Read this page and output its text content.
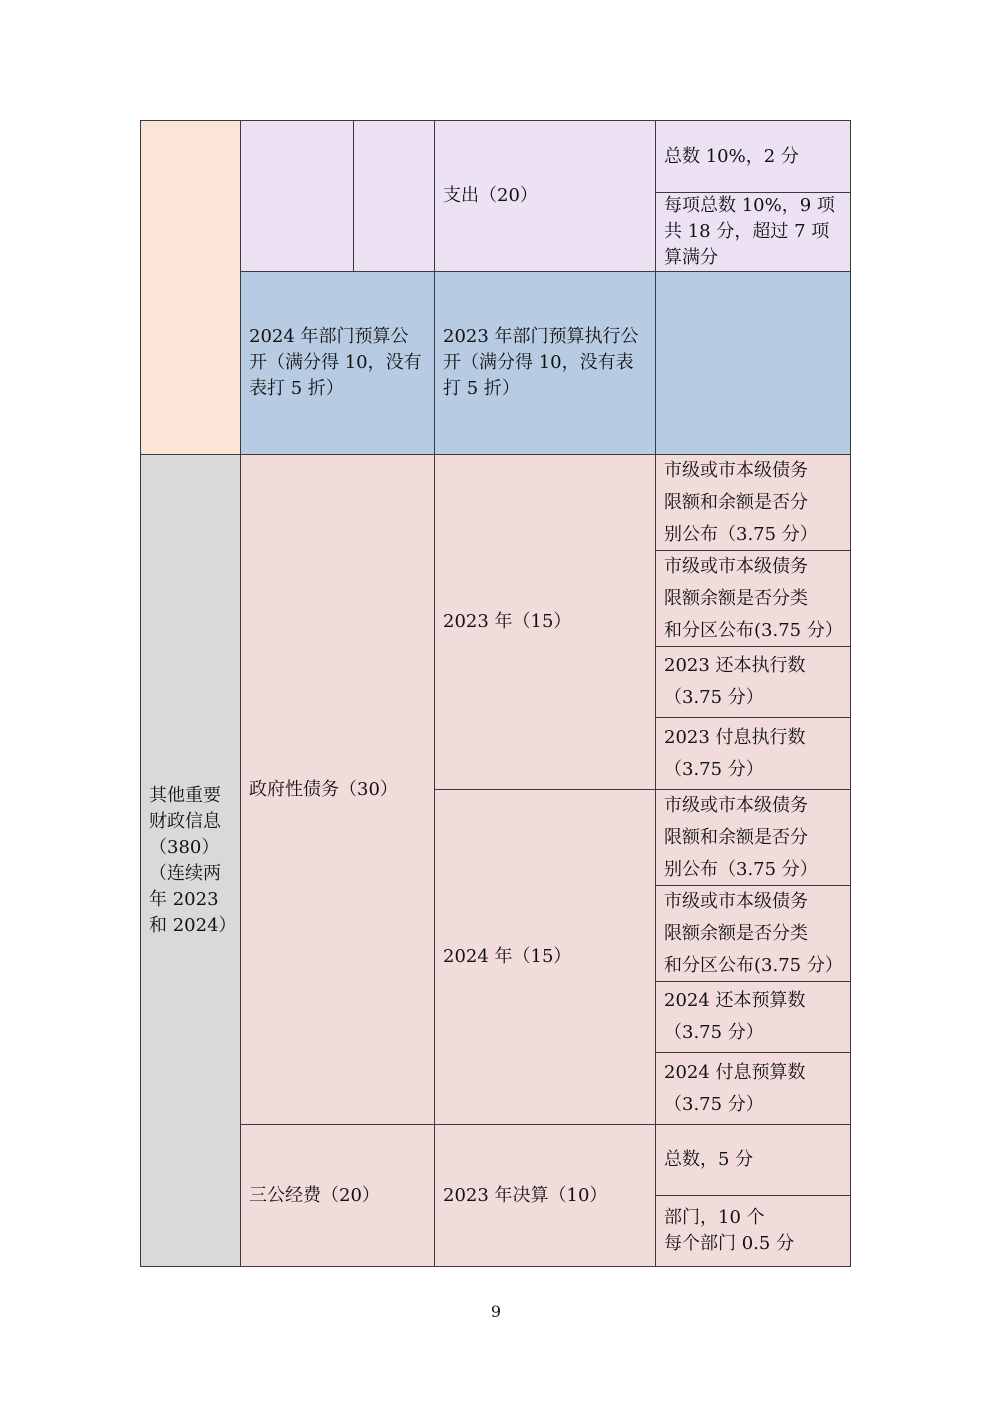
支出（20）
总数 10%，2 分
每项总数 10%，9 项
共 18 分，超过 7 项
算满分
2024 年部门预算公
开（满分得 10，没有
表打 5 折）
2023 年部门预算执行公
开（满分得 10，没有表
打 5 折）
其他重要
财政信息
（380）
（连续两
年 2023
和 2024）
政府性债务（30）
2023 年（15）
市级或市本级债务
限额和余额是否分
别公布（3.75 分）
市级或市本级债务
限额余额是否分类
和分区公布(3.75 分）
2023 还本执行数
（3.75 分）
2023 付息执行数
（3.75 分）
2024 年（15）
市级或市本级债务
限额和余额是否分
别公布（3.75 分）
市级或市本级债务
限额余额是否分类
和分区公布(3.75 分）
2024 还本预算数
（3.75 分）
2024 付息预算数
（3.75 分）
三公经费（20）	2023 年决算（10）
总数，5 分
部门，10 个
每个部门 0.5 分
9
